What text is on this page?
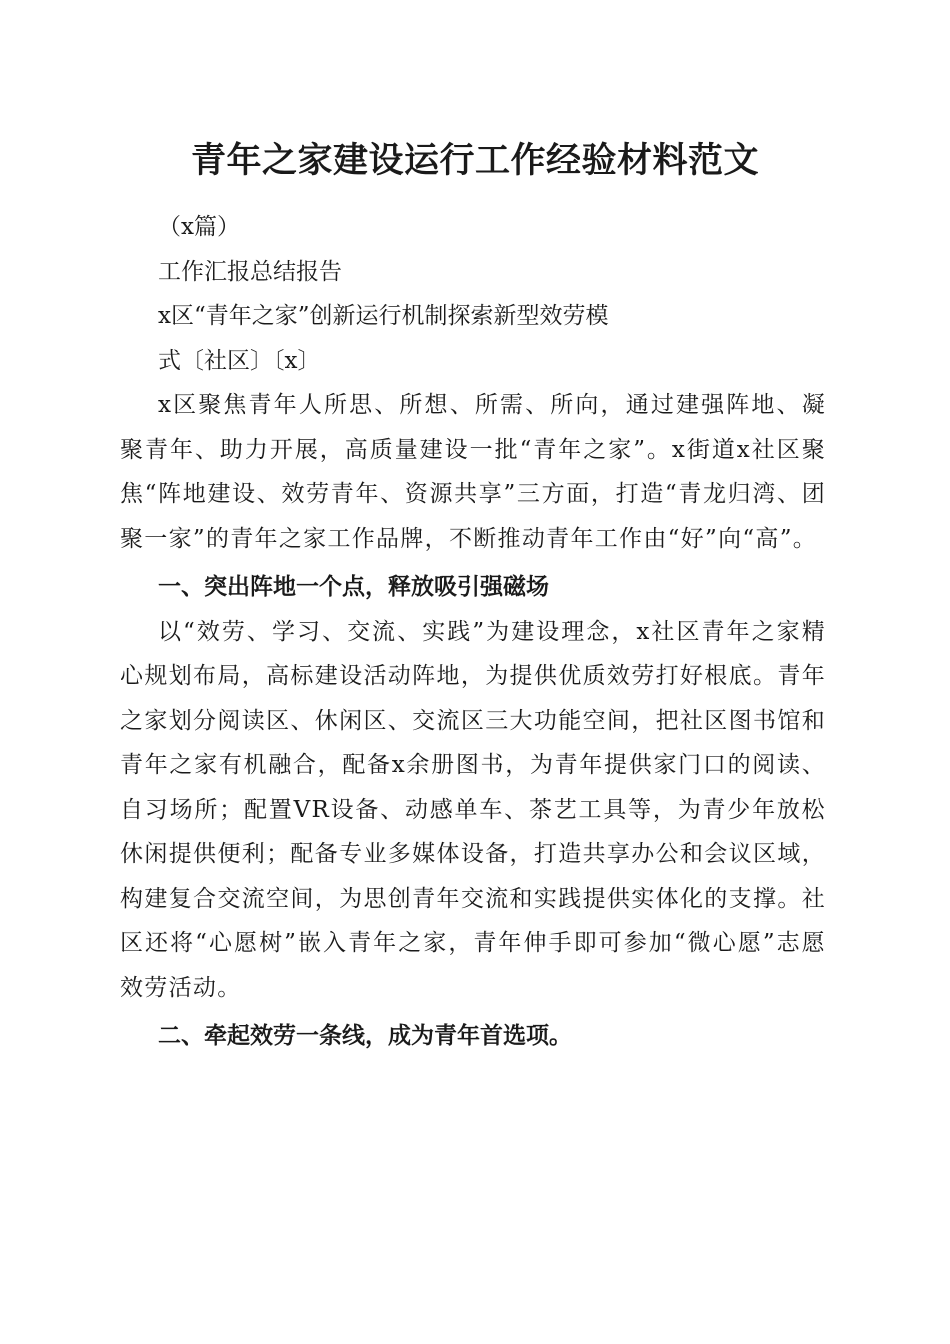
青年之家建设运行工作经验材料范文

（x篇）

工作汇报总结报告

x区“青年之家”创新运行机制探索新型效劳模

式〔社区〕〔x〕

x区聚焦青年人所思、所想、所需、所向，通过建强阵地、凝聚青年、助力开展，高质量建设一批“青年之家”。x街道x社区聚焦“阵地建设、效劳青年、资源共享”三方面，打造“青龙归湾、团聚一家”的青年之家工作品牌，不断推动青年工作由“好”向“高”。

一、突出阵地一个点，释放吸引强磁场

以“效劳、学习、交流、实践”为建设理念，x社区青年之家精心规划布局，高标建设活动阵地，为提供优质效劳打好根底。青年之家划分阅读区、休闲区、交流区三大功能空间，把社区图书馆和青年之家有机融合，配备x余册图书，为青年提供家门口的阅读、自习场所；配置VR设备、动感单车、茶艺工具等，为青少年放松休闲提供便利；配备专业多媒体设备，打造共享办公和会议区域，构建复合交流空间，为思创青年交流和实践提供实体化的支撑。社区还将“心愿树”嵌入青年之家，青年伸手即可参加“微心愿”志愿效劳活动。

二、牵起效劳一条线，成为青年首选项。
